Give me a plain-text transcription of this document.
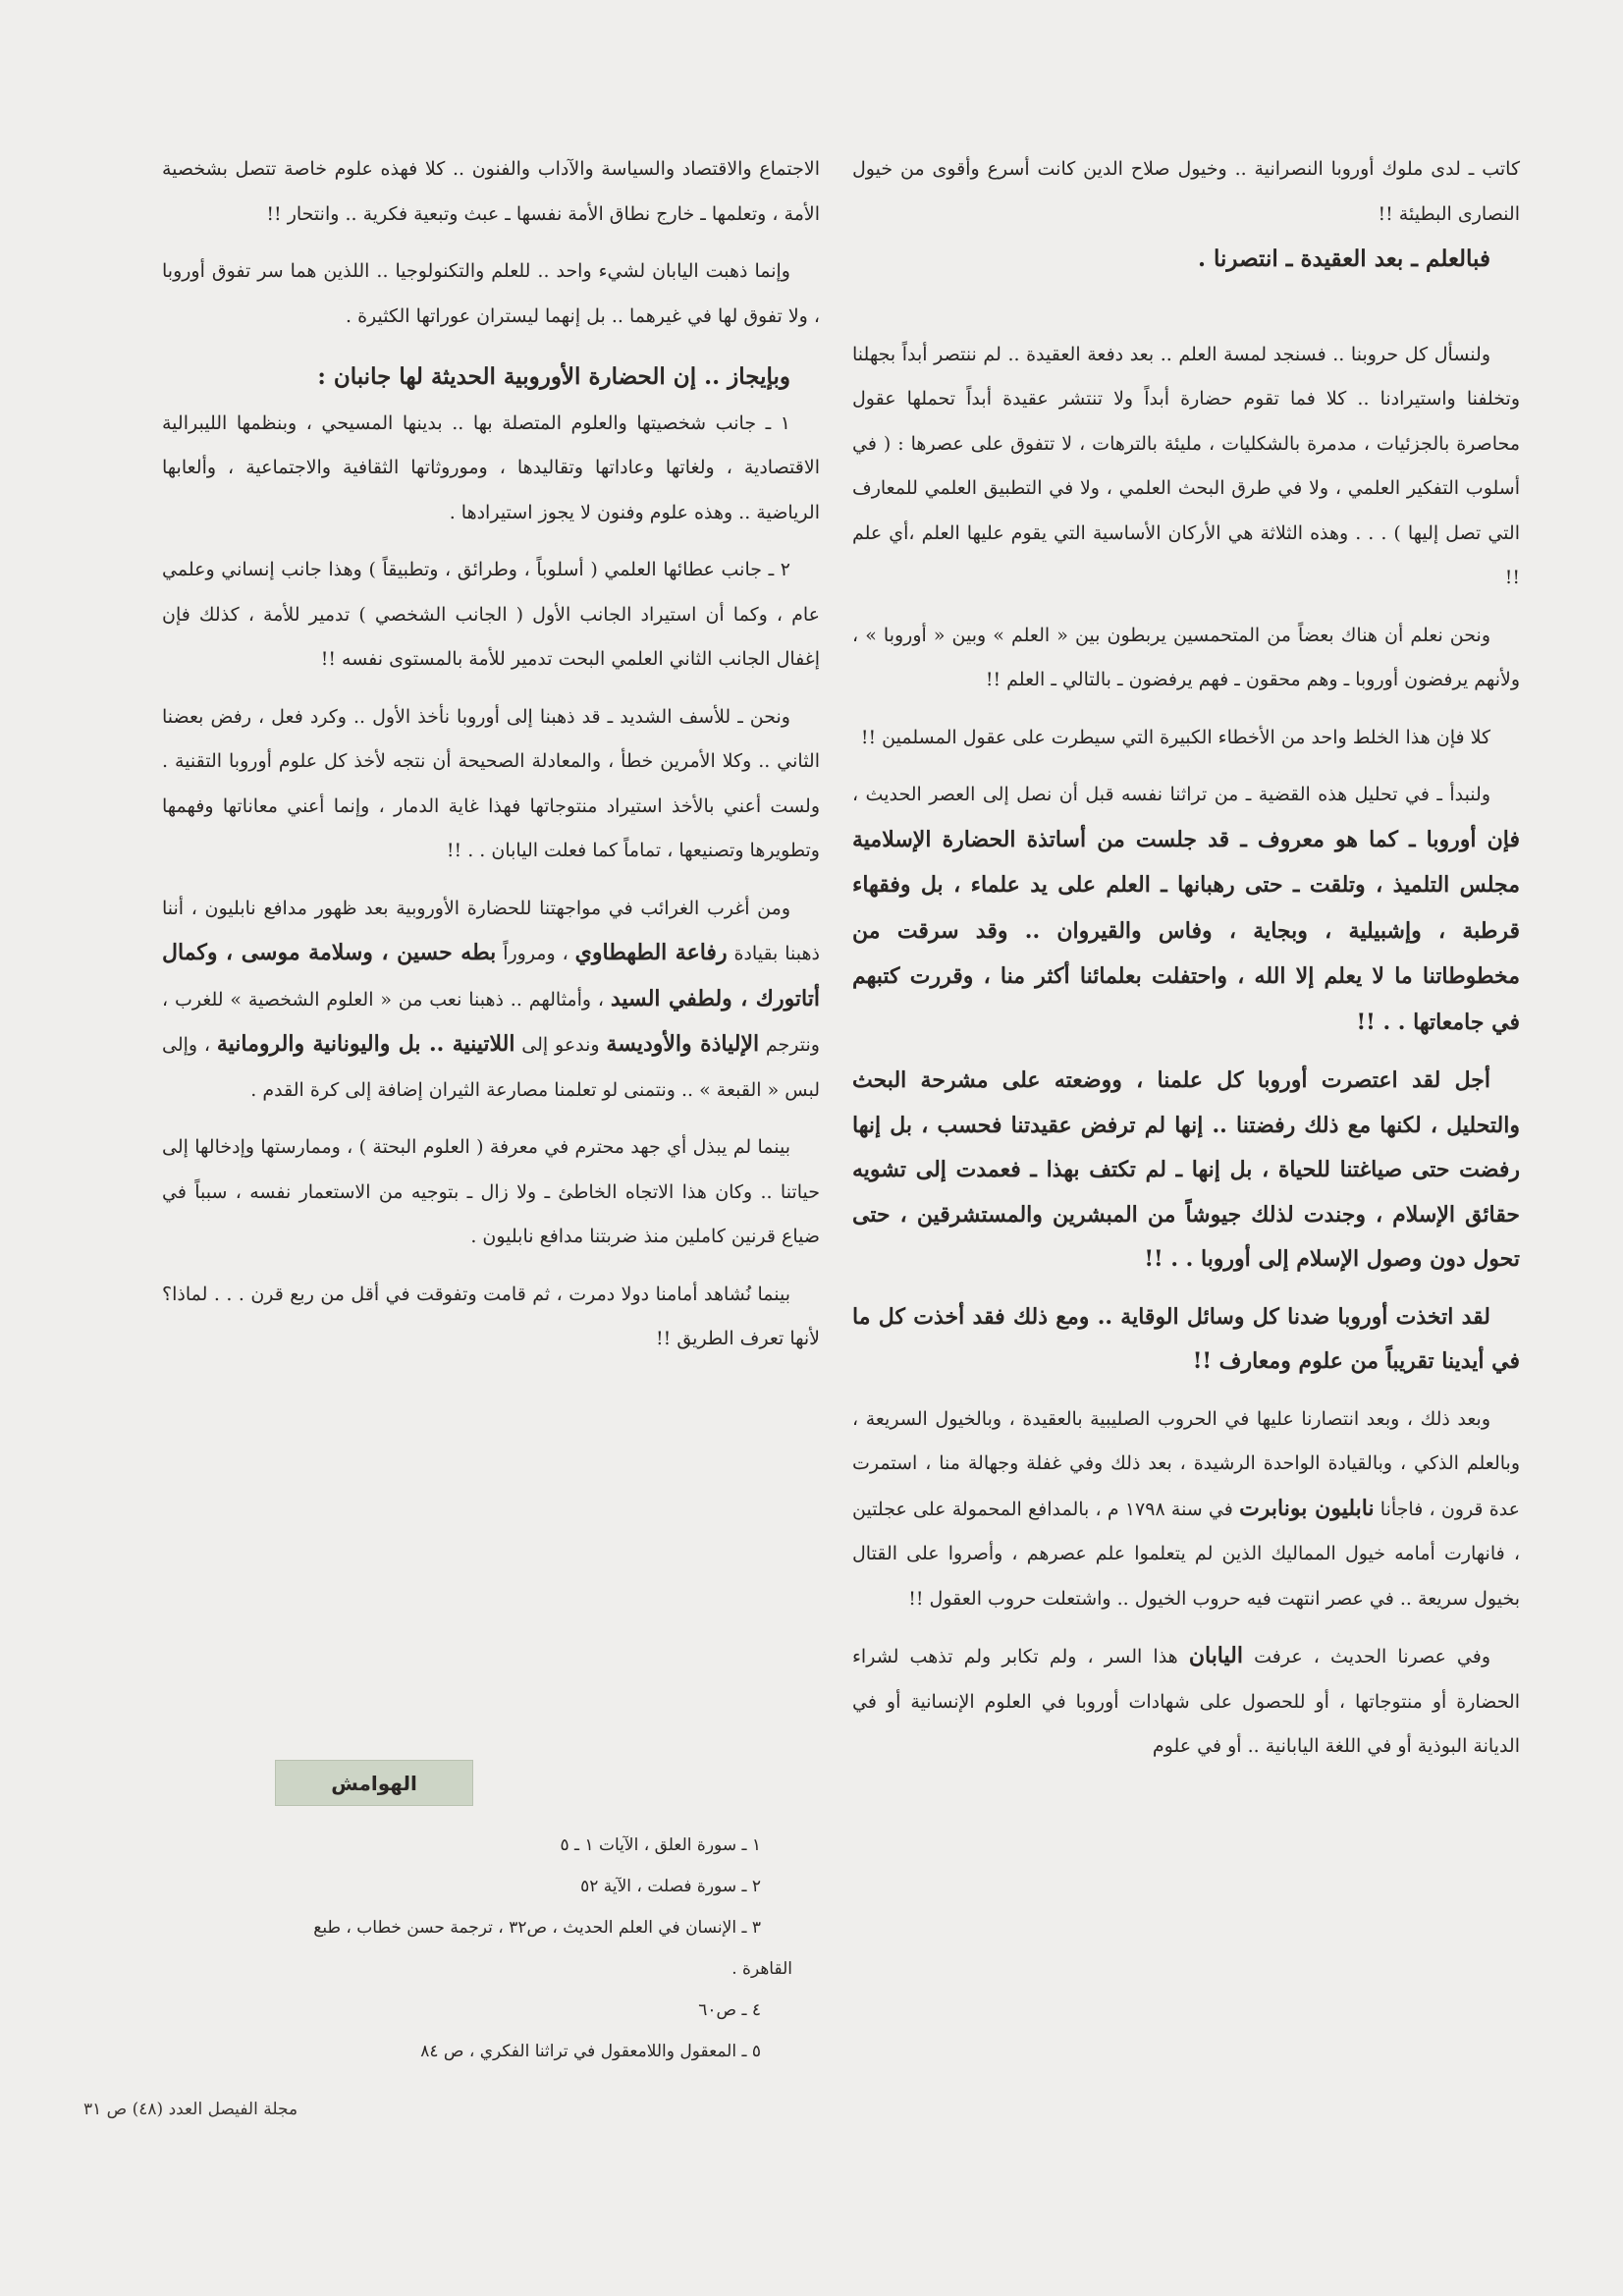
كاتب ـ لدى ملوك أوروبا النصرانية .. وخيول صلاح الدين كانت أسرع وأقوى من خيول النصارى البطيئة !!

فبالعلم ـ بعد العقيدة ـ انتصرنا .

ولنسأل كل حروبنا .. فسنجد لمسة العلم .. بعد دفعة العقيدة .. لم ننتصر أبداً بجهلنا وتخلفنا واستيرادنا .. كلا فما تقوم حضارة أبداً ولا تنتشر عقيدة أبداً تحملها عقول محاصرة بالجزئيات ، مدمرة بالشكليات ، مليئة بالترهات ، لا تتفوق على عصرها : ( في أسلوب التفكير العلمي ، ولا في طرق البحث العلمي ، ولا في التطبيق العلمي للمعارف التي تصل إليها ) . . . وهذه الثلاثة هي الأركان الأساسية التي يقوم عليها العلم ،أي علم !!

ونحن نعلم أن هناك بعضاً من المتحمسين يربطون بين « العلم » وبين « أوروبا » ، ولأنهم يرفضون أوروبا ـ وهم محقون ـ فهم يرفضون ـ بالتالي ـ العلم !!

كلا فإن هذا الخلط واحد من الأخطاء الكبيرة التي سيطرت على عقول المسلمين !!

ولنبدأ ـ في تحليل هذه القضية ـ من تراثنا نفسه قبل أن نصل إلى العصر الحديث ، فإن أوروبا ـ كما هو معروف ـ قد جلست من أساتذة الحضارة الإسلامية مجلس التلميذ ، وتلقت ـ حتى رهبانها ـ العلم على يد علماء ، بل وفقهاء قرطبة ، وإشبيلية ، وبجاية ، وفاس والقيروان .. وقد سرقت من مخطوطاتنا ما لا يعلم إلا الله ، واحتفلت بعلمائنا أكثر منا ، وقررت كتبهم في جامعاتها . . !!

أجل لقد اعتصرت أوروبا كل علمنا ، ووضعته على مشرحة البحث والتحليل ، لكنها مع ذلك رفضتنا .. إنها لم ترفض عقيدتنا فحسب ، بل إنها رفضت حتى صياغتنا للحياة ، بل إنها ـ لم تكتف بهذا ـ فعمدت إلى تشويه حقائق الإسلام ، وجندت لذلك جيوشاً من المبشرين والمستشرقين ، حتى تحول دون وصول الإسلام إلى أوروبا . . !!

لقد اتخذت أوروبا ضدنا كل وسائل الوقاية .. ومع ذلك فقد أخذت كل ما في أيدينا تقريباً من علوم ومعارف !!

وبعد ذلك ، وبعد انتصارنا عليها في الحروب الصليبية بالعقيدة ، وبالخيول السريعة ، وبالعلم الذكي ، وبالقيادة الواحدة الرشيدة ، بعد ذلك وفي غفلة وجهالة منا ، استمرت عدة قرون ، فاجأنا نابليون بونابرت في سنة ١٧٩٨ م ، بالمدافع المحمولة على عجلتين ، فانهارت أمامه خيول المماليك الذين لم يتعلموا علم عصرهم ، وأصروا على القتال بخيول سريعة .. في عصر انتهت فيه حروب الخيول .. واشتعلت حروب العقول !!

وفي عصرنا الحديث ، عرفت اليابان هذا السر ، ولم تكابر ولم تذهب لشراء الحضارة أو منتوجاتها ، أو للحصول على شهادات أوروبا في العلوم الإنسانية أو في الديانة البوذية أو في اللغة اليابانية .. أو في علوم

الاجتماع والاقتصاد والسياسة والآداب والفنون .. كلا فهذه علوم خاصة تتصل بشخصية الأمة ، وتعلمها ـ خارج نطاق الأمة نفسها ـ عبث وتبعية فكرية .. وانتحار !!

وإنما ذهبت اليابان لشيء واحد .. للعلم والتكنولوجيا .. اللذين هما سر تفوق أوروبا ، ولا تفوق لها في غيرهما .. بل إنهما ليستران عوراتها الكثيرة .

وبإيجاز .. إن الحضارة الأوروبية الحديثة لها جانبان :

١ ـ جانب شخصيتها والعلوم المتصلة بها .. بدينها المسيحي ، وبنظمها الليبرالية الاقتصادية ، ولغاتها وعاداتها وتقاليدها ، وموروثاتها الثقافية والاجتماعية ، وألعابها الرياضية .. وهذه علوم وفنون لا يجوز استيرادها .

٢ ـ جانب عطائها العلمي ( أسلوباً ، وطرائق ، وتطبيقاً ) وهذا جانب إنساني وعلمي عام ، وكما أن استيراد الجانب الأول ( الجانب الشخصي ) تدمير للأمة ، كذلك فإن إغفال الجانب الثاني العلمي البحت تدمير للأمة بالمستوى نفسه !!

ونحن ـ للأسف الشديد ـ قد ذهبنا إلى أوروبا نأخذ الأول .. وكرد فعل ، رفض بعضنا الثاني .. وكلا الأمرين خطأ ، والمعادلة الصحيحة أن نتجه لأخذ كل علوم أوروبا التقنية . ولست أعني بالأخذ استيراد منتوجاتها فهذا غاية الدمار ، وإنما أعني معاناتها وفهمها وتطويرها وتصنيعها ، تماماً كما فعلت اليابان . . !!

ومن أغرب الغرائب في مواجهتنا للحضارة الأوروبية بعد ظهور مدافع نابليون ، أننا ذهبنا بقيادة رفاعة الطهطاوي ، ومروراً بطه حسين ، وسلامة موسى ، وكمال أتاتورك ، ولطفي السيد ، وأمثالهم .. ذهبنا نعب من « العلوم الشخصية » للغرب ، ونترجم الإلياذة والأوديسة وندعو إلى اللاتينية .. بل واليونانية والرومانية ، وإلى لبس « القبعة » .. ونتمنى لو تعلمنا مصارعة الثيران إضافة إلى كرة القدم .

بينما لم يبذل أي جهد محترم في معرفة ( العلوم البحتة ) ، وممارستها وإدخالها إلى حياتنا .. وكان هذا الاتجاه الخاطئ ـ ولا زال ـ بتوجيه من الاستعمار نفسه ، سبباً في ضياع قرنين كاملين منذ ضربتنا مدافع نابليون .

بينما نُشاهد أمامنا دولا دمرت ، ثم قامت وتفوقت في أقل من ربع قرن . . . لماذا؟ لأنها تعرف الطريق !!

الهوامش

١ ـ سورة العلق ، الآيات ١ ـ ٥

٢ ـ سورة فصلت ، الآية ٥٢

٣ ـ الإنسان في العلم الحديث ، ص٣٢ ، ترجمة حسن خطاب ، طبع

القاهرة .

٤ ـ ص٦٠

٥ ـ المعقول واللامعقول في تراثنا الفكري ، ص ٨٤

مجلة الفيصل العدد (٤٨) ص ٣١
